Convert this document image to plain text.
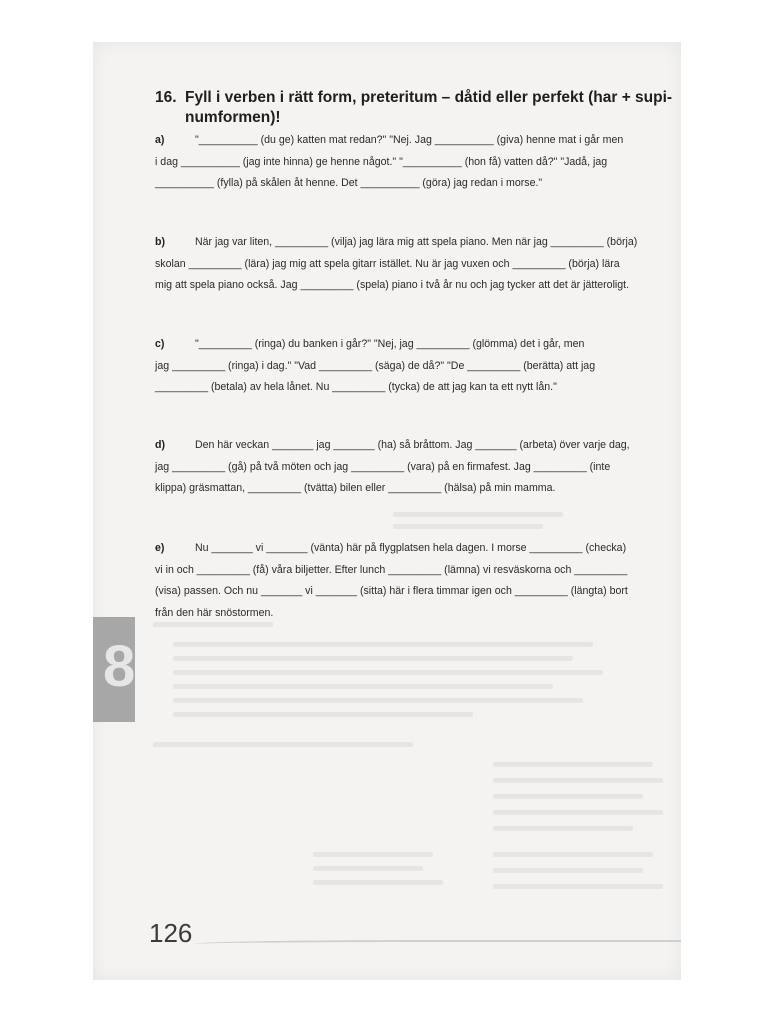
16. Fyll i verben i rätt form, preteritum – dåtid eller perfekt (har + supi-
numformen)!
a)	"__________ (du ge) katten mat redan?" "Nej. Jag __________ (giva) henne mat i går men
i dag __________ (jag inte hinna) ge henne något." "__________ (hon få) vatten då?" "Jadå, jag
__________ (fylla) på skålen åt henne. Det __________ (göra) jag redan i morse."
b)	När jag var liten, _________ (vilja) jag lära mig att spela piano. Men när jag _________ (börja)
skolan _________ (lära) jag mig att spela gitarr istället. Nu är jag vuxen och _________ (börja) lära
mig att spela piano också. Jag _________ (spela) piano i två år nu och jag tycker att det är jätteroligt.
c)	"_________ (ringa) du banken i går?" "Nej, jag _________ (glömma) det i går, men
jag _________ (ringa) i dag." "Vad _________ (säga) de då?" "De _________ (berätta) att jag
_________ (betala) av hela lånet. Nu _________ (tycka) de att jag kan ta ett nytt lån."
d)	Den här veckan _______ jag _______ (ha) så bråttom. Jag _______ (arbeta) över varje dag,
jag _________ (gå) på två möten och jag _________ (vara) på en firmafest. Jag _________ (inte
klippa) gräsmattan, _________ (tvätta) bilen eller _________ (hälsa) på min mamma.
e)	Nu _______ vi _______ (vänta) här på flygplatsen hela dagen. I morse _________ (checka)
vi in och _________ (få) våra biljetter. Efter lunch _________ (lämna) vi resväskorna och _________
(visa) passen. Och nu _______ vi _______ (sitta) här i flera timmar igen och _________ (längta) bort
från den här snöstormen.
8
126
